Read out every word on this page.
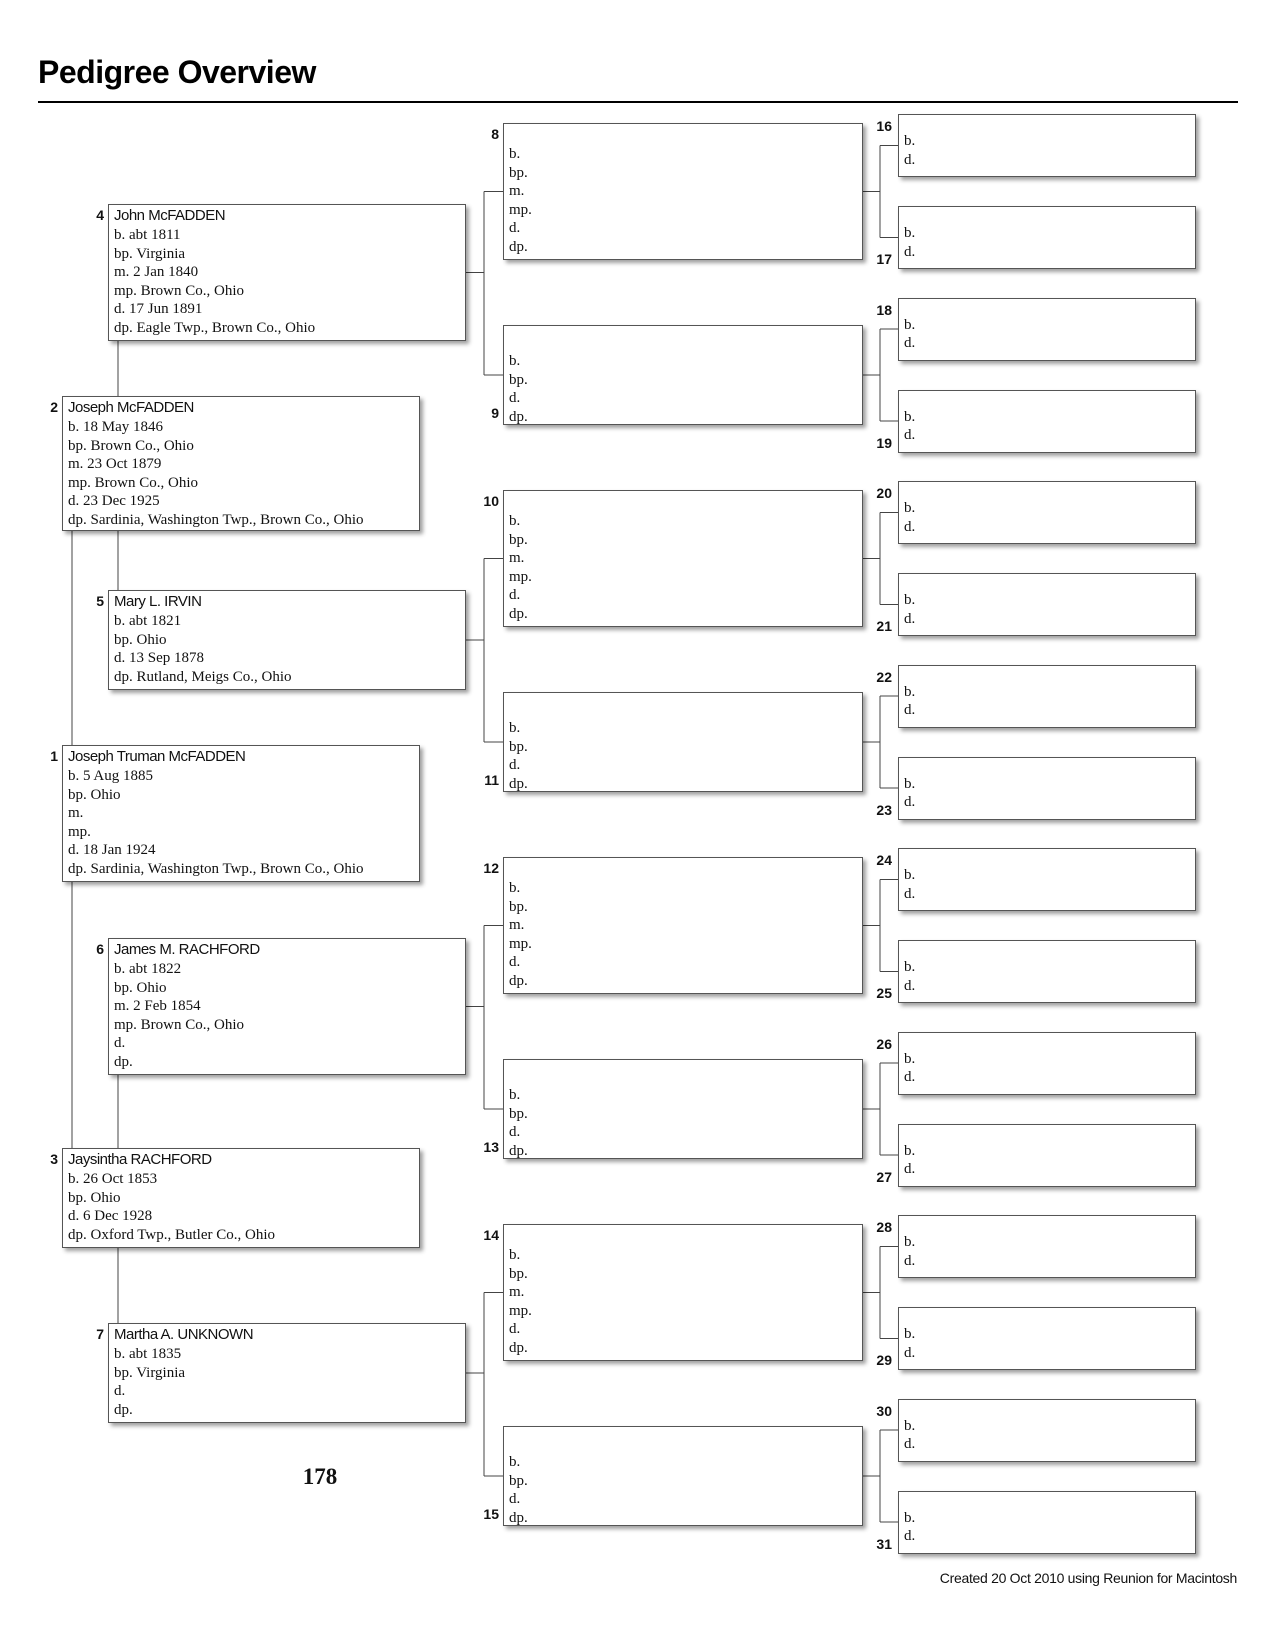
Pedigree Overview
Joseph Truman McFADDEN
b. 5 Aug 1885
bp. Ohio
m.
mp.
d. 18 Jan 1924
dp. Sardinia, Washington Twp., Brown Co., Ohio
1
Joseph McFADDEN
b. 18 May 1846
bp. Brown Co., Ohio
m. 23 Oct 1879
mp. Brown Co., Ohio
d. 23 Dec 1925
dp. Sardinia, Washington Twp., Brown Co., Ohio
2
Jaysintha RACHFORD
b. 26 Oct 1853
bp. Ohio
d. 6 Dec 1928
dp. Oxford Twp., Butler Co., Ohio
3
John McFADDEN
b. abt 1811
bp. Virginia
m. 2 Jan 1840
mp. Brown Co., Ohio
d. 17 Jun 1891
dp. Eagle Twp., Brown Co., Ohio
4
Mary L. IRVIN
b. abt 1821
bp. Ohio
d. 13 Sep 1878
dp. Rutland, Meigs Co., Ohio
5
James M. RACHFORD
b. abt 1822
bp. Ohio
m. 2 Feb 1854
mp. Brown Co., Ohio
d.
dp.
6
Martha A. UNKNOWN
b. abt 1835
bp. Virginia
d.
dp.
7
b.
bp.
m.
mp.
d.
dp.
8
b.
bp.
d.
dp.
9
b.
bp.
m.
mp.
d.
dp.
10
b.
bp.
d.
dp.
11
b.
bp.
m.
mp.
d.
dp.
12
b.
bp.
d.
dp.
13
b.
bp.
m.
mp.
d.
dp.
14
b.
bp.
d.
dp.
15
b.
d.
16
b.
d.
17
b.
d.
18
b.
d.
19
b.
d.
20
b.
d.
21
b.
d.
22
b.
d.
23
b.
d.
24
b.
d.
25
b.
d.
26
b.
d.
27
b.
d.
28
b.
d.
29
b.
d.
30
b.
d.
31
178
Created 20 Oct 2010 using Reunion for Macintosh
